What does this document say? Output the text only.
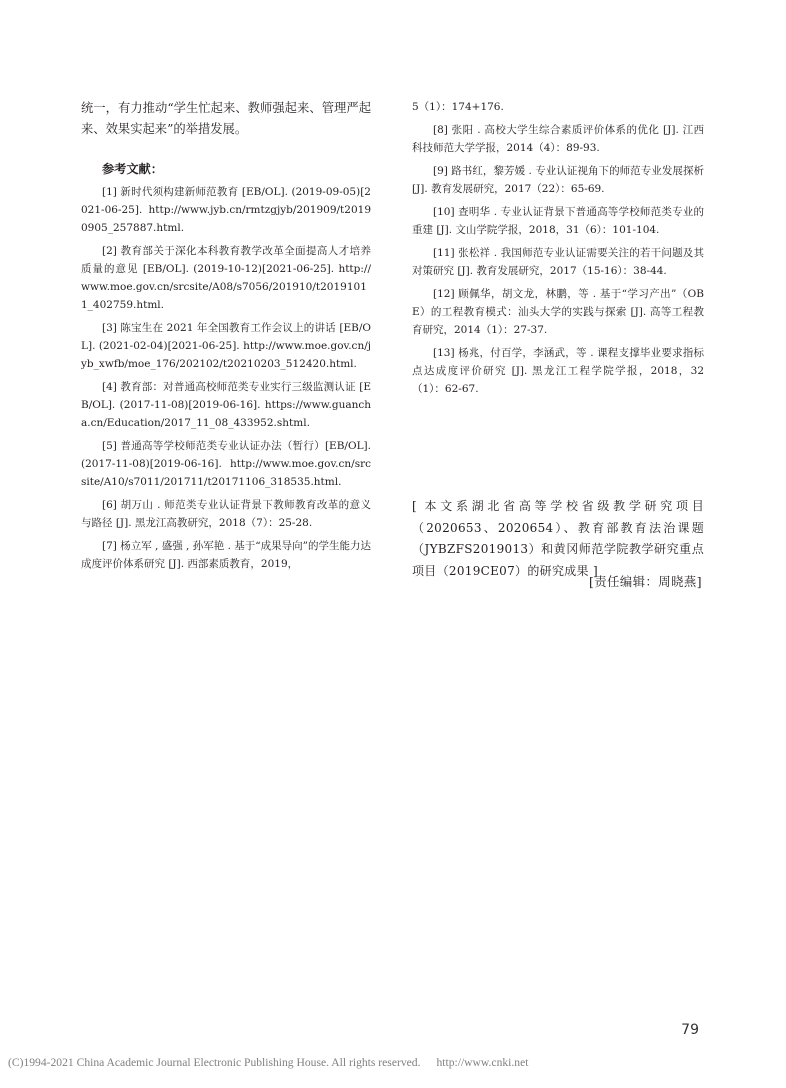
统一，有力推动“学生忙起来、教师强起来、管理严起来、效果实起来”的举措发展。

参考文献：

[1] 新时代须构建新师范教育 [EB/OL]. (2019-09-05)[2021-06-25]. http://www.jyb.cn/rmtzgjyb/201909/t20190905_257887.html.

[2] 教育部关于深化本科教育教学改革全面提高人才培养质量的意见 [EB/OL]. (2019-10-12)[2021-06-25]. http://www.moe.gov.cn/srcsite/A08/s7056/201910/t20191011_402759.html.

[3] 陈宝生在 2021 年全国教育工作会议上的讲话 [EB/OL]. (2021-02-04)[2021-06-25]. http://www.moe.gov.cn/jyb_xwfb/moe_176/202102/t20210203_512420.html.

[4] 教育部：对普通高校师范类专业实行三级监测认证 [EB/OL]. (2017-11-08)[2019-06-16]. https://www.guancha.cn/Education/2017_11_08_433952.shtml.

[5] 普通高等学校师范类专业认证办法（暂行）[EB/OL]. (2017-11-08)[2019-06-16]. http://www.moe.gov.cn/srcsite/A10/s7011/201711/t20171106_318535.html.

[6] 胡万山 . 师范类专业认证背景下教师教育改革的意义与路径 [J]. 黑龙江高教研究，2018（7）：25-28.

[7] 杨立军 , 盛强 , 孙军艳 . 基于“成果导向”的学生能力达成度评价体系研究 [J]. 西部素质教育，2019，

5（1）：174+176.

[8] 张阳 . 高校大学生综合素质评价体系的优化 [J]. 江西科技师范大学学报，2014（4）：89-93.

[9] 路书红，黎芳媛 . 专业认证视角下的师范专业发展探析 [J]. 教育发展研究，2017（22）：65-69.

[10] 查明华 . 专业认证背景下普通高等学校师范类专业的重建 [J]. 文山学院学报，2018，31（6）：101-104.

[11] 张松祥 . 我国师范专业认证需要关注的若干问题及其对策研究 [J]. 教育发展研究，2017（15-16）：38-44.

[12] 顾佩华，胡文龙，林鹏，等 . 基于“学习产出”（OBE）的工程教育模式：汕头大学的实践与探索 [J]. 高等工程教育研究，2014（1）：27-37.

[13] 杨兆，付百学，李涵武，等 . 课程支撑毕业要求指标点达成度评价研究 [J]. 黑龙江工程学院学报，2018，32（1）：62-67.

[ 本文系湖北省高等学校省级教学研究项目（2020653、2020654）、教育部教育法治课题（JYBZFS2019013）和黄冈师范学院教学研究重点项目（2019CE07）的研究成果 ]
[责任编辑：周晓燕]
79
(C)1994-2021 China Academic Journal Electronic Publishing House. All rights reserved. http://www.cnki.net
